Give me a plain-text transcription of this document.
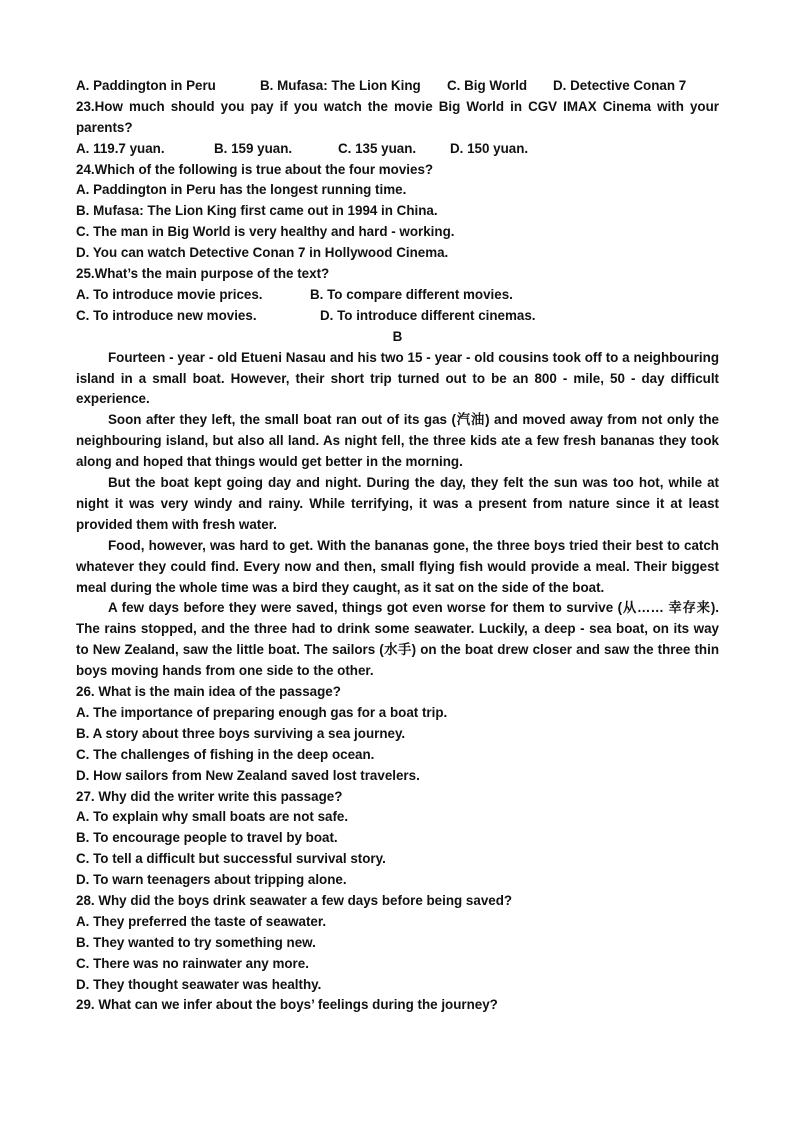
A. Paddington in Peru	B. Mufasa: The Lion King	C. Big World	D. Detective Conan 7
23.How much should you pay if you watch the movie Big World in CGV IMAX Cinema with your parents?
A. 119.7 yuan.	B. 159 yuan.	C. 135 yuan.	D. 150 yuan.
24.Which of the following is true about the four movies?
A. Paddington in Peru has the longest running time.
B. Mufasa: The Lion King first came out in 1994 in China.
C. The man in Big World is very healthy and hard - working.
D. You can watch Detective Conan 7 in Hollywood Cinema.
25.What’s the main purpose of the text?
A. To introduce movie prices.	B. To compare different movies.
C. To introduce new movies.	D. To introduce different cinemas.
B
Fourteen - year - old Etueni Nasau and his two 15 - year - old cousins took off to a neighbouring island in a small boat. However, their short trip turned out to be an 800 - mile, 50 - day difficult experience.
Soon after they left, the small boat ran out of its gas (汽油) and moved away from not only the neighbouring island, but also all land. As night fell, the three kids ate a few fresh bananas they took along and hoped that things would get better in the morning.
But the boat kept going day and night. During the day, they felt the sun was too hot, while at night it was very windy and rainy. While terrifying, it was a present from nature since it at least provided them with fresh water.
Food, however, was hard to get. With the bananas gone, the three boys tried their best to catch whatever they could find. Every now and then, small flying fish would provide a meal. Their biggest meal during the whole time was a bird they caught, as it sat on the side of the boat.
A few days before they were saved, things got even worse for them to survive (从…… 幸存来). The rains stopped, and the three had to drink some seawater. Luckily, a deep - sea boat, on its way to New Zealand, saw the little boat. The sailors (水手) on the boat drew closer and saw the three thin boys moving hands from one side to the other.
26. What is the main idea of the passage?
A. The importance of preparing enough gas for a boat trip.
B. A story about three boys surviving a sea journey.
C. The challenges of fishing in the deep ocean.
D. How sailors from New Zealand saved lost travelers.
27. Why did the writer write this passage?
A. To explain why small boats are not safe.
B. To encourage people to travel by boat.
C. To tell a difficult but successful survival story.
D. To warn teenagers about tripping alone.
28. Why did the boys drink seawater a few days before being saved?
A. They preferred the taste of seawater.
B. They wanted to try something new.
C. There was no rainwater any more.
D. They thought seawater was healthy.
29. What can we infer about the boys’ feelings during the journey?
